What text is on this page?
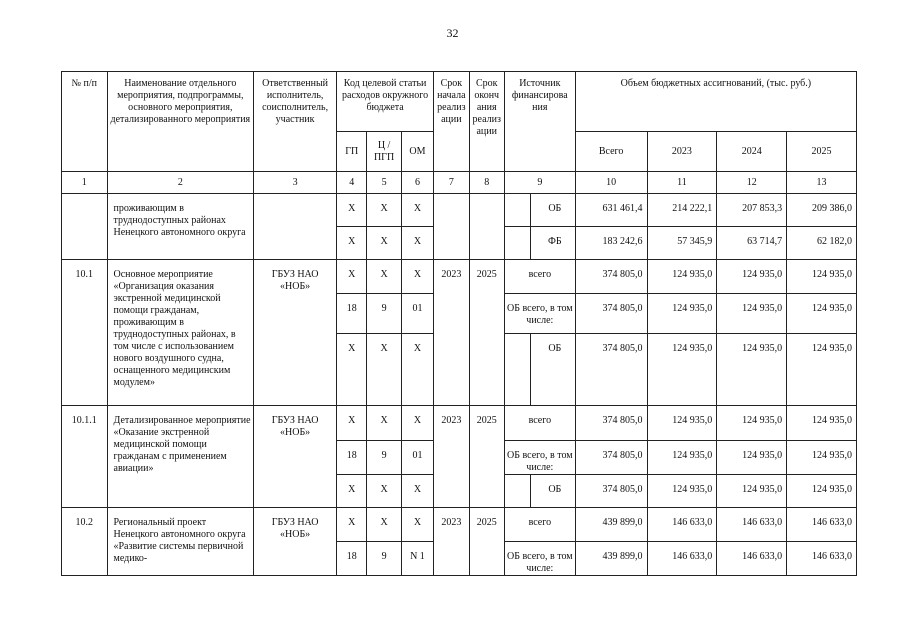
32
№ п/п	Наименование отдельного мероприятия, подпрограммы, основного мероприятия, детализированного мероприятия	Ответственный исполнитель, соисполнитель, участник	Код целевой статьи расходов окружного бюджета			Срок начала реализ ации	Срок оконч ания реализ ации	Источник финансирова ния	Объем бюджетных ассигнований, (тыс. руб.)			
			ГП	Ц / ПГП	ОМ				Всего	2023	2024	2025
1	2	3	4	5	6	7	8	9	10	11	12	13
	проживающим в труднодоступных районах Ненецкого автономного округа		Х	Х	Х			ОБ	631 461,4	214 222,1	207 853,3	209 386,0
			Х	Х	Х			ФБ	183 242,6	57 345,9	63 714,7	62 182,0
10.1	Основное мероприятие «Организация оказания экстренной медицинской помощи гражданам, проживающим в труднодоступных районах, в том числе с использованием нового воздушного судна, оснащенного медицинским модулем»	ГБУЗ НАО «НОБ»	Х	Х	Х	2023	2025	всего	374 805,0	124 935,0	124 935,0	124 935,0
			18	9	01			ОБ всего, в том числе:	374 805,0	124 935,0	124 935,0	124 935,0
			Х	Х	Х			ОБ	374 805,0	124 935,0	124 935,0	124 935,0
10.1.1	Детализированное мероприятие «Оказание экстренной медицинской помощи гражданам с применением авиации»	ГБУЗ НАО «НОБ»	Х	Х	Х	2023	2025	всего	374 805,0	124 935,0	124 935,0	124 935,0
			18	9	01			ОБ всего, в том числе:	374 805,0	124 935,0	124 935,0	124 935,0
			Х	Х	Х			ОБ	374 805,0	124 935,0	124 935,0	124 935,0
10.2	Региональный проект Ненецкого автономного округа «Развитие системы первичной медико-	ГБУЗ НАО «НОБ»	Х	Х	Х	2023	2025	всего	439 899,0	146 633,0	146 633,0	146 633,0
			18	9	N 1			ОБ всего, в том числе:	439 899,0	146 633,0	146 633,0	146 633,0
